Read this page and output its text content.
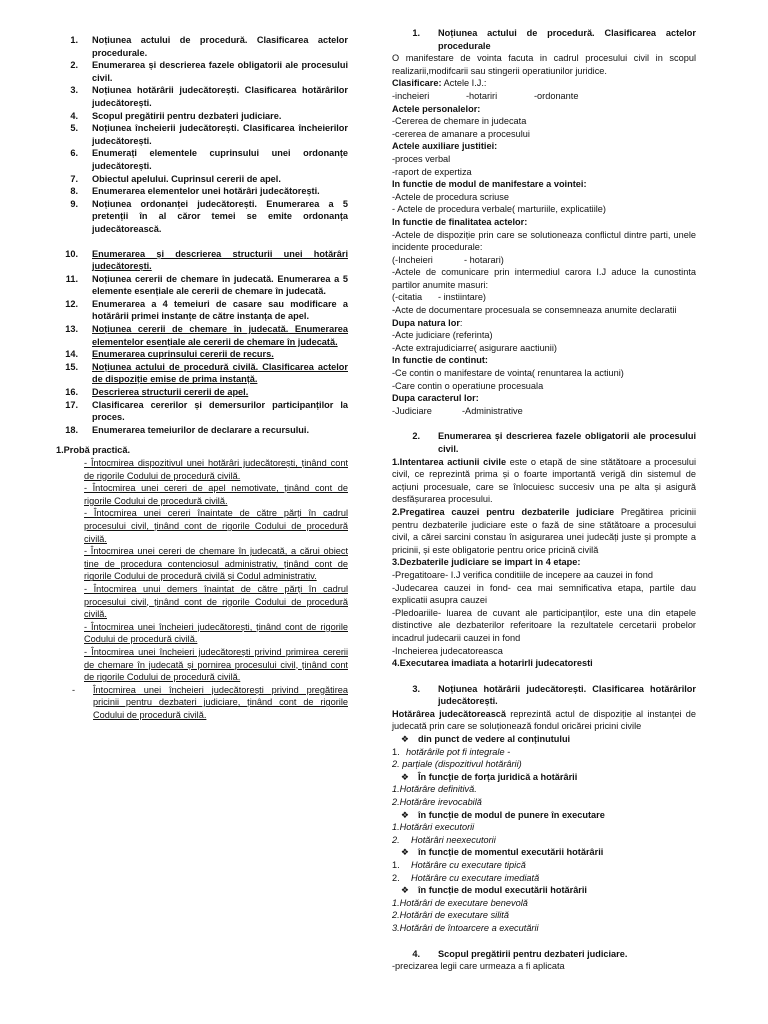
1.	Noțiunea actului de procedură. Clasificarea actelor procedurale.
2.	Enumerarea și descrierea fazele obligatorii ale procesului civil.
3.	Noțiunea hotărârii judecătorești. Clasificarea hotărârilor judecătorești.
4.	Scopul pregătirii pentru dezbateri judiciare.
5.	Noțiunea încheierii judecătorești. Clasificarea încheierilor judecătorești.
6.	Enumerați elementele cuprinsului unei ordonanțe judecătorești.
7.	Obiectul apelului. Cuprinsul cererii de apel.
8.	Enumerarea elementelor unei hotărâri judecătorești.
9.	Noțiunea ordonanței judecătorești. Enumerarea a 5 pretenții în al căror temei se emite ordonanța judecătorească.
10.	Enumerarea și descrierea structurii unei hotărâri judecătorești.
11.	Noțiunea cererii de chemare în judecată. Enumerarea a 5 elemente esențiale ale cererii de chemare în judecată.
12.	Enumerarea a 4 temeiuri de casare sau modificare a hotărârii primei instanțe de către instanța de apel.
13.	Noțiunea cererii de chemare în judecată. Enumerarea elementelor esențiale ale cererii de chemare în judecată.
14.	Enumerarea cuprinsului cererii de recurs.
15.	Noțiunea actului de procedură civilă. Clasificarea actelor de dispoziție emise de prima instanță.
16.	Descrierea structurii cererii de apel.
17.	Clasificarea cererilor și demersurilor participanților la proces.
18.	Enumerarea temeiurilor de declarare a recursului.
1.Probă practică.

- Întocmirea dispozitivul unei hotărâri judecătorești, ținând cont de rigorile Codului de procedură civilă.

- Întocmirea unei cereri de apel nemotivate, ținând cont de rigorile Codului de procedură civilă.

- Întocmirea unei cereri înaintate de către părți în cadrul procesului civil, ținând cont de rigorile Codului de procedură civilă.

- Întocmirea unei cereri de chemare în judecată, a cărui obiect tine de procedura contenciosul administrativ, ținând cont de rigorile Codului de procedură civilă și Codul administrativ.

- Întocmirea unui demers înaintat de către părți în cadrul procesului civil, ținând cont de rigorile Codului de procedură civilă.

- Întocmirea unei încheieri judecătorești, ținând cont de rigorile Codului de procedură civilă.

- Întocmirea unei încheieri judecătorești privind primirea cererii de chemare în judecată și pornirea procesului civil, ținând cont de rigorile Codului de procedură civilă.

-	Întocmirea unei încheieri judecătorești privind pregătirea pricinii pentru dezbateri judiciare, ținând cont de rigorile Codului de procedură civilă.
1.	Noțiunea actului de procedură. Clasificarea actelor procedurale

O manifestare de vointa facuta in cadrul procesului civil in scopul realizarii,modifcarii sau stingerii operatiunilor juridice.

Clasificare: Actele I.J.:

-incheieri	-hotariri	-ordonante

Actele personalelor:

-Cererea de chemare in judecata

-cererea de amanare a procesului

Actele auxiliare justitiei:

-proces verbal

-raport de expertiza

In functie de modul de manifestare a vointei:

-Actele de procedura scriuse

- Actele de procedura verbale( marturiile, explicatiile)

In functie de finalitatea actelor:

-Actele de dispoziție prin care se solutioneaza conflictul dintre parti, unele incidente procedurale:

(-Incheieri	- hotarari)

-Actele de comunicare prin intermediul carora I.J aduce la cunostinta partilor anumite masuri:

(-citatia - instiintare)

-Acte de documentare procesuala se consemneaza anumite declaratii

Dupa natura lor:

-Acte judiciare (referinta)

-Acte extrajudiciarre( asigurare aactiunii)

In functie de continut:

-Ce contin o manifestare de vointa( renuntarea la actiuni)

-Care contin o operatiune procesuala

Dupa caracterul lor:

-Judiciare	-Administrative

2.	Enumerarea și descrierea fazele obligatorii ale procesului civil.

1.Intentarea actiunii civile este o etapă de sine stătătoare a procesului civil, ce reprezintă prima și o foarte importantă verigă din sistemul de acțiuni procesuale, care se înlocuiesc succesiv una pe alta și asigură desfășurarea procesului.

2.Pregatirea cauzei pentru dezbaterile judiciare Pregătirea pricinii pentru dezbaterile judiciare este o fază de sine stătătoare a procesului civil, a cărei sarcini constau în asigurarea unei judecăți juste și prompte a pricinii, și este obligatorie pentru orice pricină civilă

3.Dezbaterile judiciare se impart in 4 etape:

-Pregatitoare- I.J verifica conditiile de incepere aa cauzei in fond

-Judecarea cauzei in fond- cea mai semnificativa etapa, partile dau explicatii asupra cauzei

-Pledoariile- luarea de cuvant ale participanților, este una din etapele distinctive ale dezbaterilor referitoare la rezultatele cercetarii probelor incadrul judecarii cauzei in fond

-Incheierea judecatoreasca

4.Executarea imadiata a hotarirli judecatoresti

3.	Noțiunea hotărârii judecătorești. Clasificarea hotărârilor judecătorești.

Hotărârea judecătorească reprezintă actul de dispoziție al instanței de judecată prin care se soluționează fondul oricărei pricini civile

❖ din punct de vedere al conținutului
1. hotărârile pot fi integrale -

2. parțiale (dispozitivul hotărârii)

❖ În funcție de forța juridică a hotărârii

1.Hotărâre definitivă.

2.Hotărâre irevocabilă

❖ în funcție de modul de punere în executare

1.Hotărâri executorii

2.	Hotărâri neexecutorii
❖ în funcție de momentul executării hotărârii
1.	Hotărâre cu executare tipică
2.	Hotărâre cu executare imediată
❖ în funcție de modul executării hotărârii

1.Hotărâri de executare benevolă

2.Hotărâri de executare silită

3.Hotărâri de întoarcere a executării

4.	Scopul pregătirii pentru dezbateri judiciare.

-precizarea legii care urmeaza a fi aplicata
